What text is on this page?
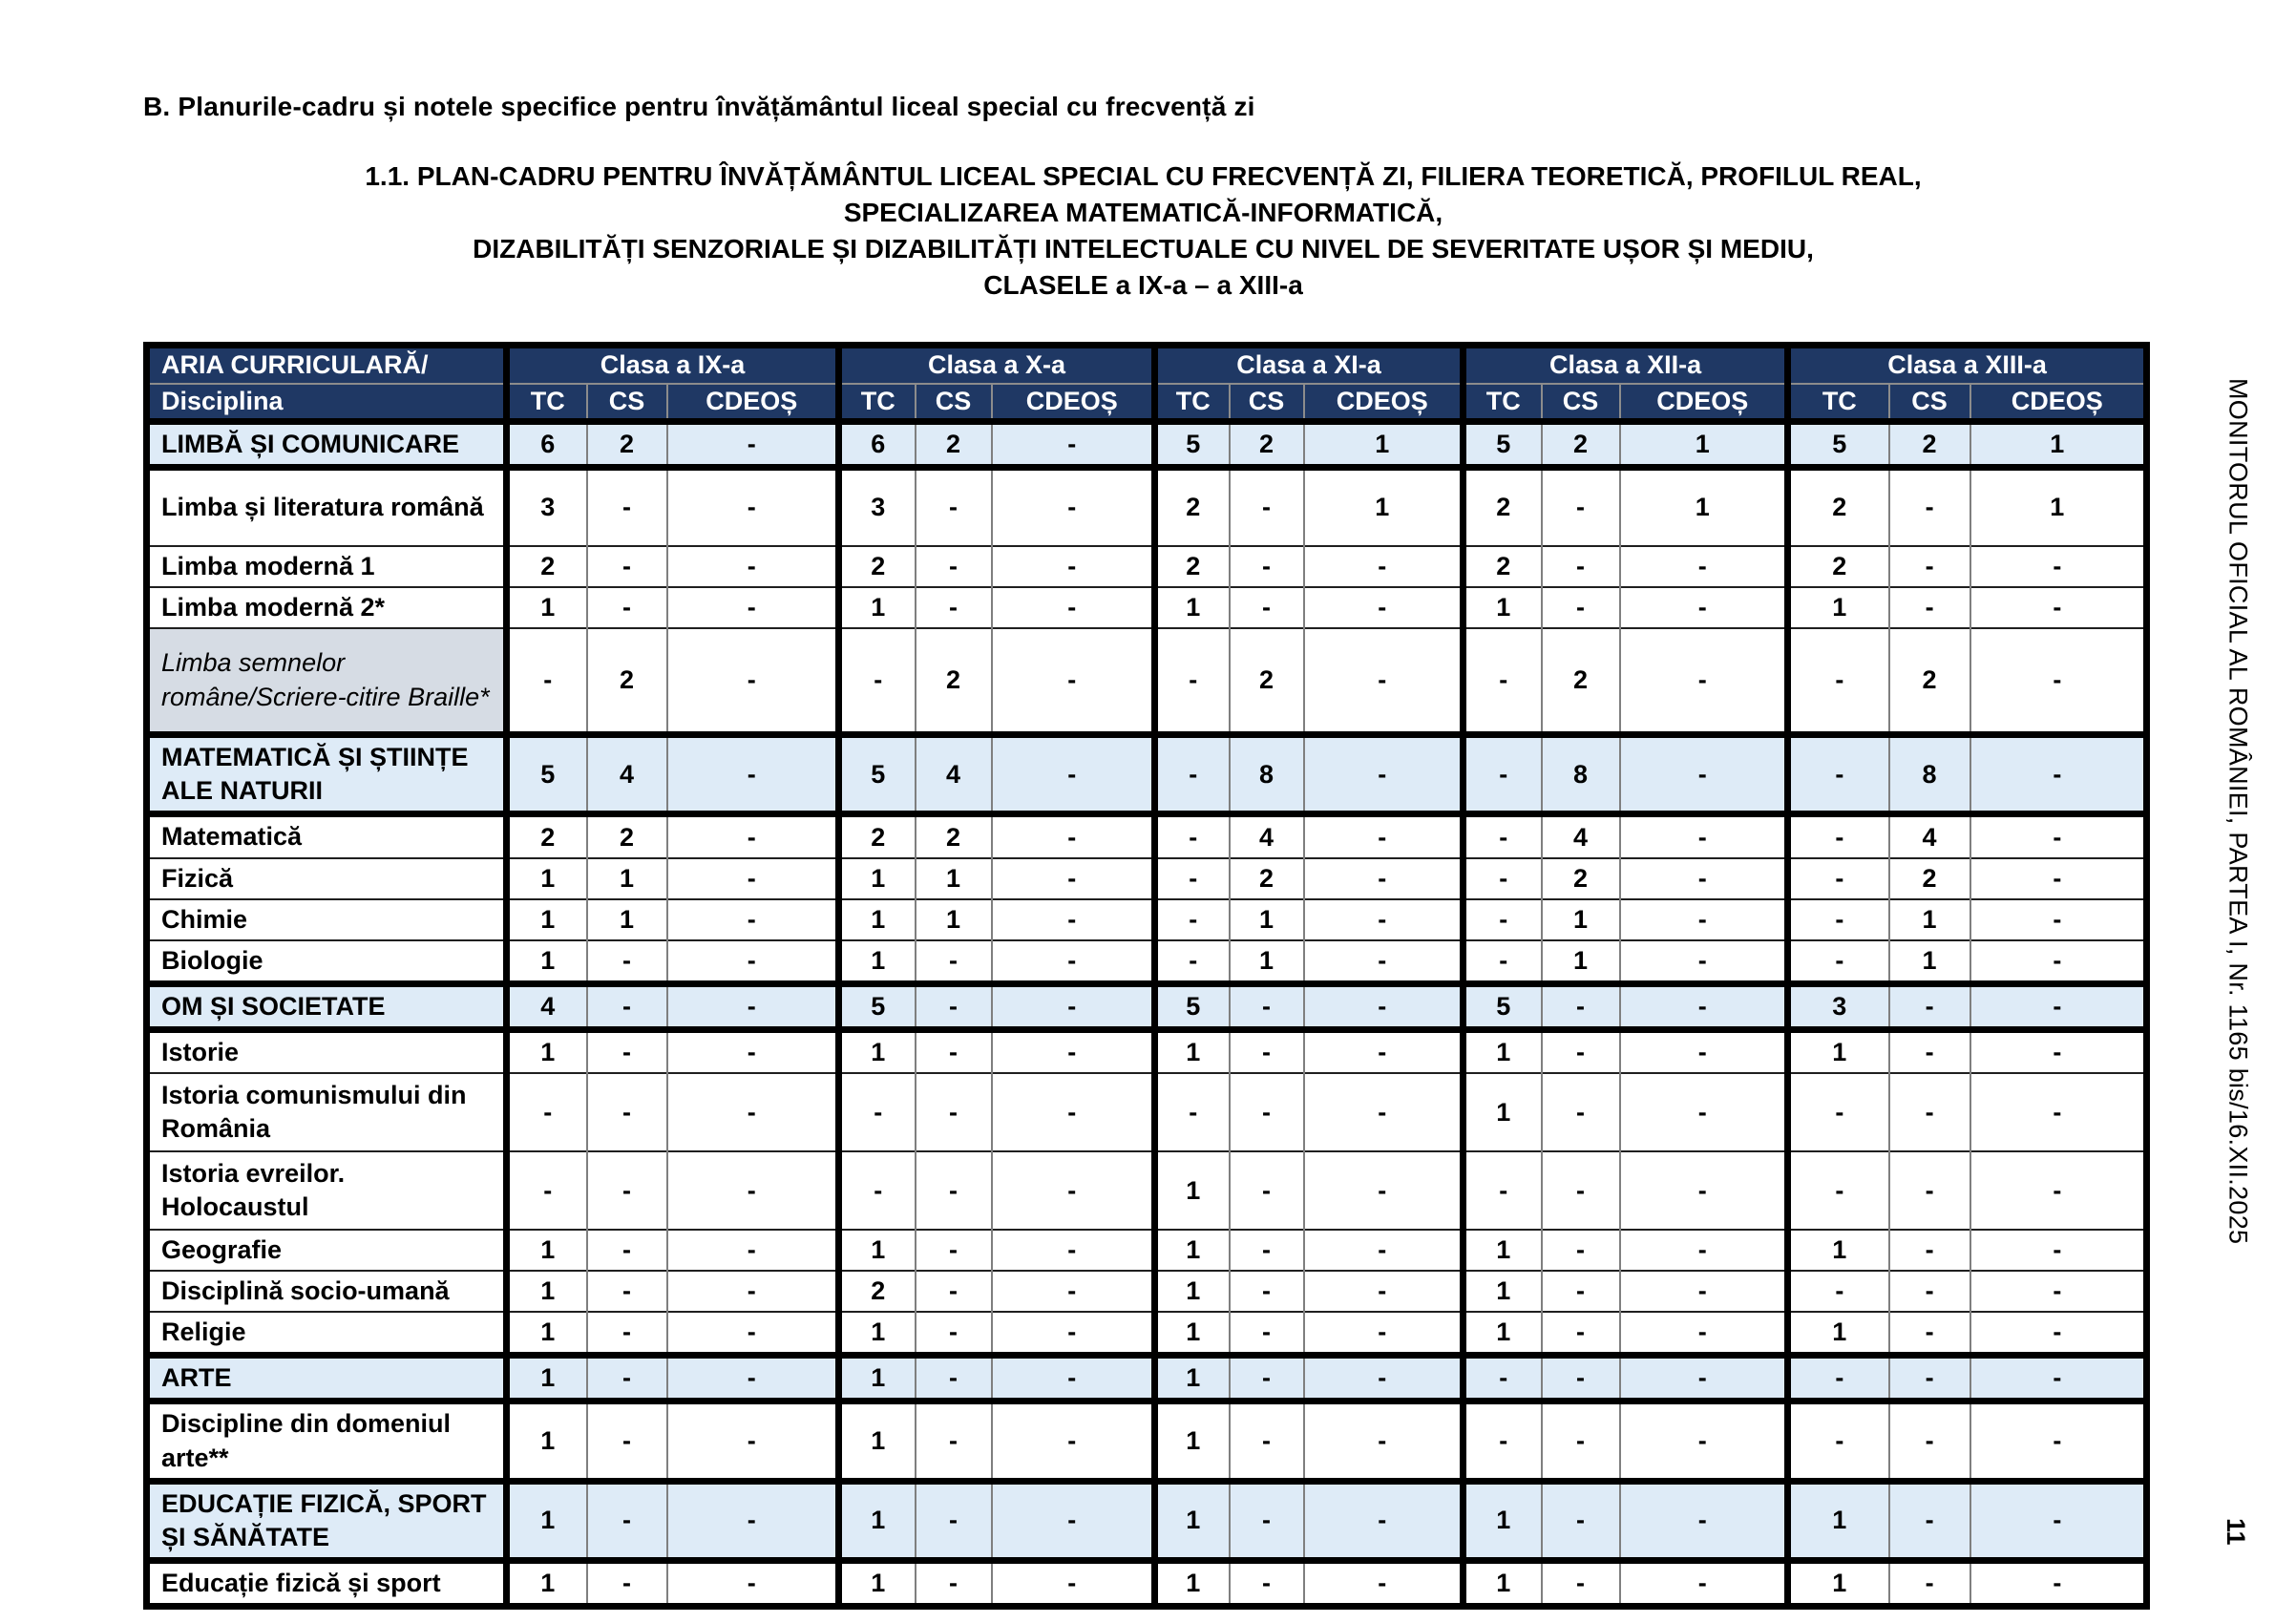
B. Planurile-cadru și notele specifice pentru învățământul liceal special cu frecvență zi
1.1. PLAN-CADRU PENTRU ÎNVĂȚĂMÂNTUL LICEAL SPECIAL CU FRECVENȚĂ ZI, FILIERA TEORETICĂ, PROFILUL REAL,
SPECIALIZAREA MATEMATICĂ-INFORMATICĂ,
DIZABILITĂȚI SENZORIALE ȘI DIZABILITĂȚI INTELECTUALE CU NIVEL DE SEVERITATE UȘOR ȘI MEDIU,
CLASELE a IX-a – a XIII-a
ARIA CURRICULARĂ/	Clasa a IX-a			Clasa a X-a			Clasa a XI-a			Clasa a XII-a			Clasa a XIII-a		
Disciplina	TC	CS	CDEOȘ	TC	CS	CDEOȘ	TC	CS	CDEOȘ	TC	CS	CDEOȘ	TC	CS	CDEOȘ
LIMBĂ ȘI COMUNICARE	6	2	-	6	2	-	5	2	1	5	2	1	5	2	1
Limba și literatura română	3	-	-	3	-	-	2	-	1	2	-	1	2	-	1
Limba modernă 1	2	-	-	2	-	-	2	-	-	2	-	-	2	-	-
Limba modernă 2*	1	-	-	1	-	-	1	-	-	1	-	-	1	-	-
Limba semnelor române/Scriere-citire Braille*	-	2	-	-	2	-	-	2	-	-	2	-	-	2	-
MATEMATICĂ ȘI ȘTIINȚE ALE NATURII	5	4	-	5	4	-	-	8	-	-	8	-	-	8	-
Matematică	2	2	-	2	2	-	-	4	-	-	4	-	-	4	-
Fizică	1	1	-	1	1	-	-	2	-	-	2	-	-	2	-
Chimie	1	1	-	1	1	-	-	1	-	-	1	-	-	1	-
Biologie	1	-	-	1	-	-	-	1	-	-	1	-	-	1	-
OM ȘI SOCIETATE	4	-	-	5	-	-	5	-	-	5	-	-	3	-	-
Istorie	1	-	-	1	-	-	1	-	-	1	-	-	1	-	-
Istoria comunismului din România	-	-	-	-	-	-	-	-	-	1	-	-	-	-	-
Istoria evreilor. Holocaustul	-	-	-	-	-	-	1	-	-	-	-	-	-	-	-
Geografie	1	-	-	1	-	-	1	-	-	1	-	-	1	-	-
Disciplină socio-umană	1	-	-	2	-	-	1	-	-	1	-	-	-	-	-
Religie	1	-	-	1	-	-	1	-	-	1	-	-	1	-	-
ARTE	1	-	-	1	-	-	1	-	-	-	-	-	-	-	-
Discipline din domeniul arte**	1	-	-	1	-	-	1	-	-	-	-	-	-	-	-
EDUCAȚIE FIZICĂ, SPORT ȘI SĂNĂTATE	1	-	-	1	-	-	1	-	-	1	-	-	1	-	-
Educație fizică și sport	1	-	-	1	-	-	1	-	-	1	-	-	1	-	-
MONITORUL OFICIAL AL ROMÂNIEI, PARTEA I, Nr. 1165 bis/16.XII.2025
11
